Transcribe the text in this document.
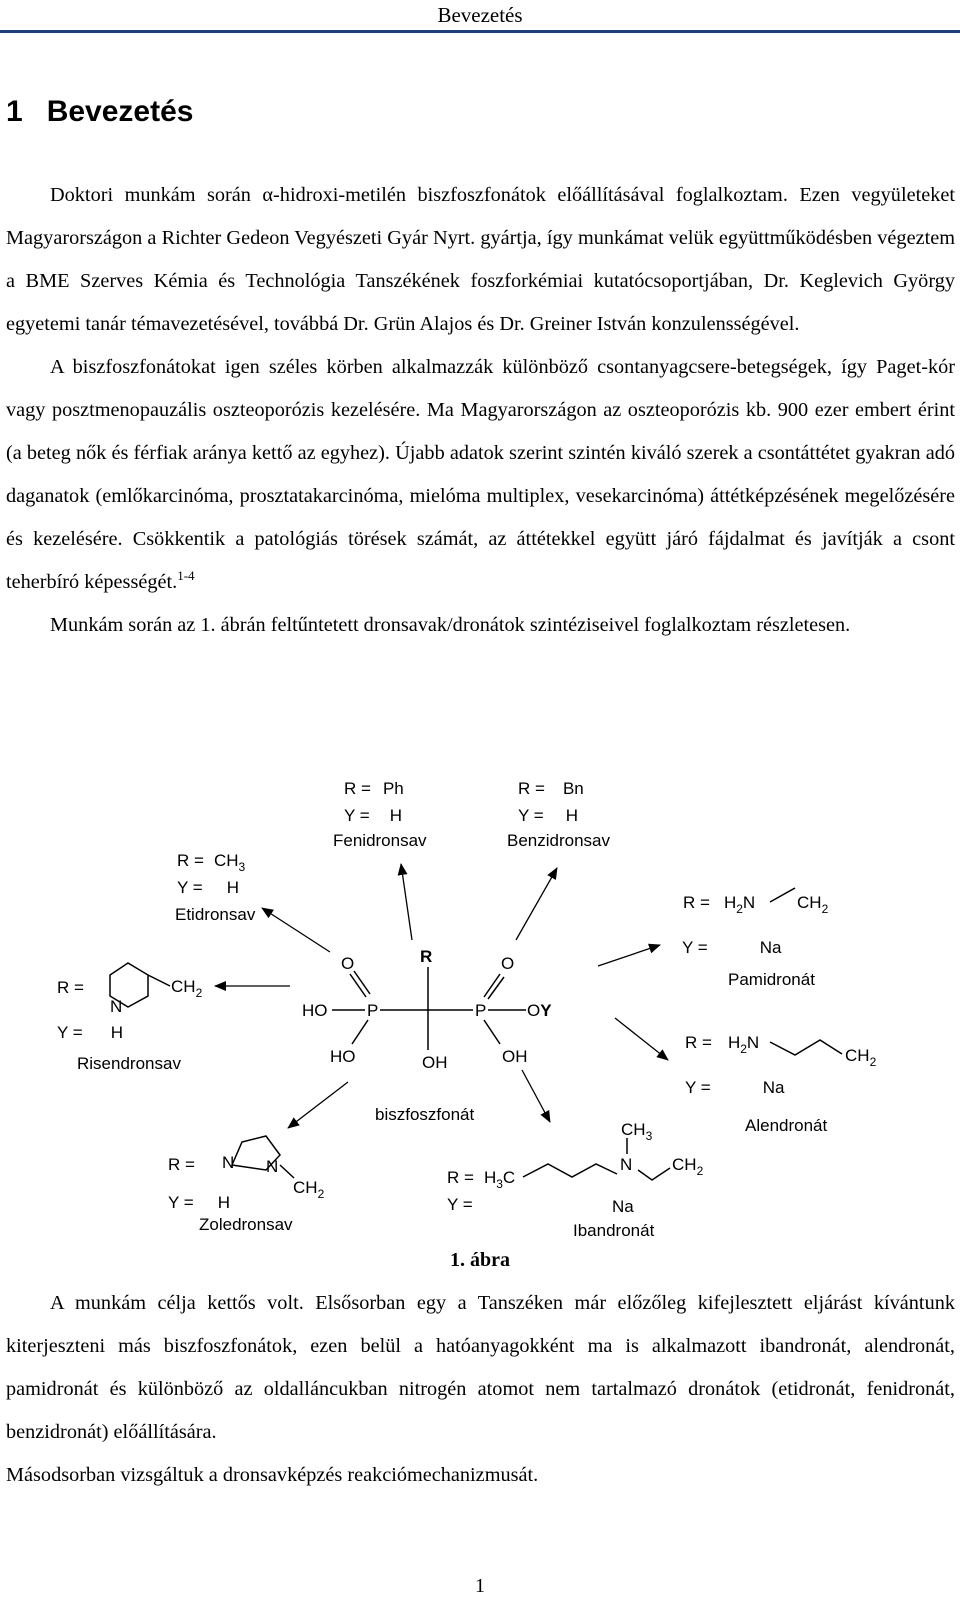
Bevezetés
1 Bevezetés

Doktori munkám során α-hidroxi-metilén biszfoszfonátok előállításával foglalkoztam. Ezen vegyületeket Magyarországon a Richter Gedeon Vegyészeti Gyár Nyrt. gyártja, így munkámat velük együttműködésben végeztem a BME Szerves Kémia és Technológia Tanszékének foszforkémiai kutatócsoportjában, Dr. Keglevich György egyetemi tanár témavezetésével, továbbá Dr. Grün Alajos és Dr. Greiner István konzulensségével.

A biszfoszfonátokat igen széles körben alkalmazzák különböző csontanyagcsere-betegségek, így Paget-kór vagy posztmenopauzális oszteoporózis kezelésére. Ma Magyarországon az oszteoporózis kb. 900 ezer embert érint (a beteg nők és férfiak aránya kettő az egyhez). Újabb adatok szerint szintén kiváló szerek a csontáttétet gyakran adó daganatok (emlőkarcinóma, prosztatakarcinóma, mielóma multiplex, vesekarcinóma) áttétképzésének megelőzésére és kezelésére. Csökkentik a patológiás törések számát, az áttétekkel együtt járó fájdalmat és javítják a csont teherbíró képességét.$^{1-4}$

Munkám során az 1. ábrán feltűntetett dronsavak/dronátok szintéziseivel foglalkoztam részletesen.

$R = CH_3$
Y = H
Etidronsav
R = Ph
Y = H
Fenidronsav
R = Bn
Y = H
Benzidronsav
$R = H_2N$ $CH_2$
Y =	Na
Pamidronát
$R = H_2N$
$CH_2$
Y =	Na
Alendronát
$R = H_3C$
N
$CH_3$
$CH_2$
Y =	Na
Ibandronát
R = N N
$CH_2$
Y = H
Zoledronsav
R =
N
$CH_2$
Y = H
Risendronsav
O	R	O
HO P	P OY
HO	OH	OH
biszfoszfonát
1. ábra

A munkám célja kettős volt. Elsősorban egy a Tanszéken már előzőleg kifejlesztett eljárást kívántunk kiterjeszteni más biszfoszfonátok, ezen belül a hatóanyagokként ma is alkalmazott ibandronát, alendronát, pamidronát és különböző az oldalláncukban nitrogén atomot nem tartalmazó dronátok (etidronát, fenidronát, benzidronát) előállítására.

Másodsorban vizsgáltuk a dronsavképzés reakciómechanizmusát.

1
